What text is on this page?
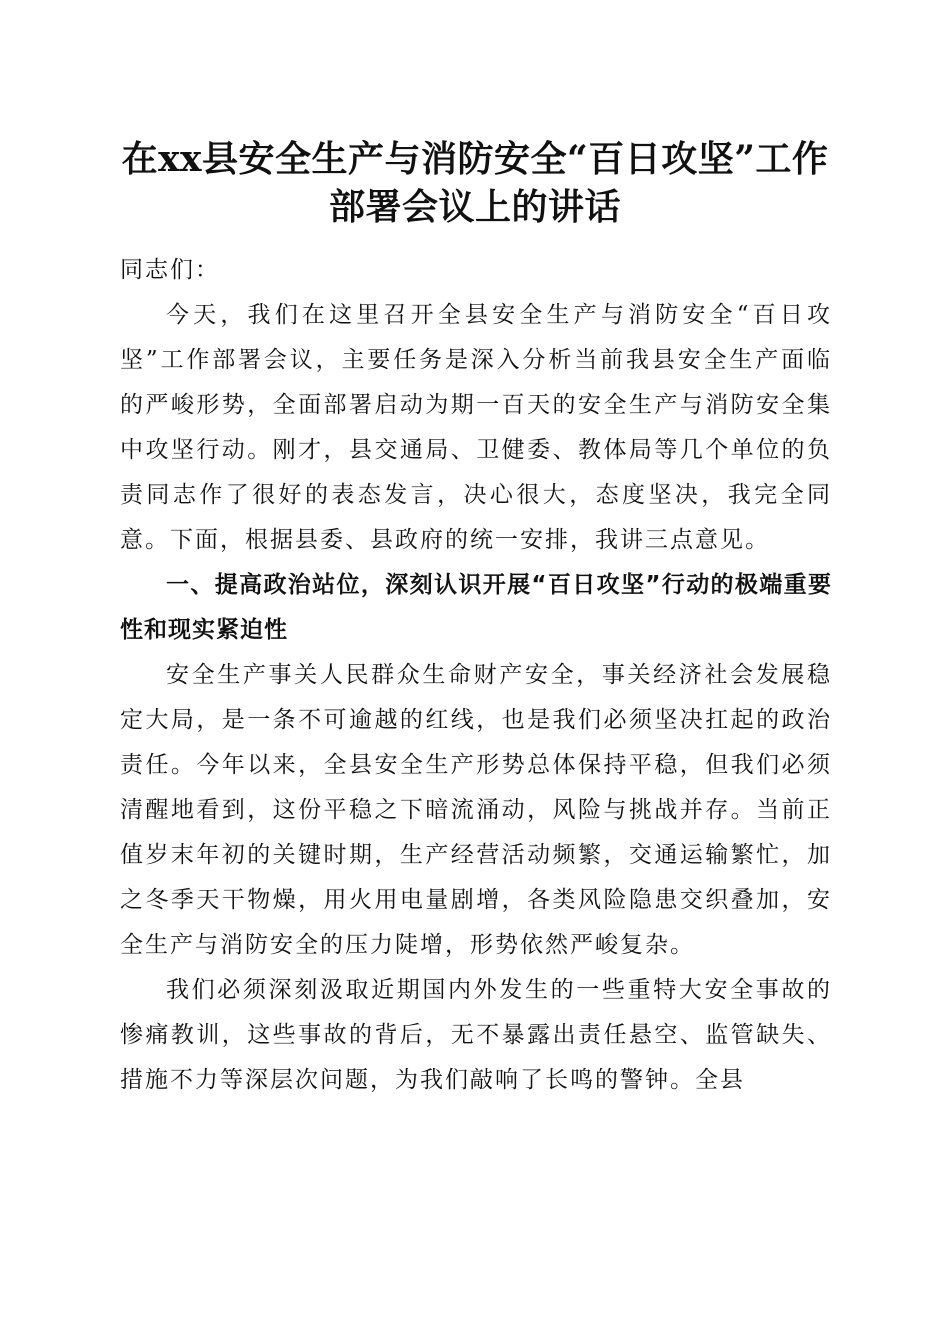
在xx县安全生产与消防安全“百日攻坚”工作部署会议上的讲话

同志们：

今天，我们在这里召开全县安全生产与消防安全“百日攻坚”工作部署会议，主要任务是深入分析当前我县安全生产面临的严峻形势，全面部署启动为期一百天的安全生产与消防安全集中攻坚行动。刚才，县交通局、卫健委、教体局等几个单位的负责同志作了很好的表态发言，决心很大，态度坚决，我完全同意。下面，根据县委、县政府的统一安排，我讲三点意见。

一、提高政治站位，深刻认识开展“百日攻坚”行动的极端重要性和现实紧迫性

安全生产事关人民群众生命财产安全，事关经济社会发展稳定大局，是一条不可逾越的红线，也是我们必须坚决扛起的政治责任。今年以来，全县安全生产形势总体保持平稳，但我们必须清醒地看到，这份平稳之下暗流涌动，风险与挑战并存。当前正值岁末年初的关键时期，生产经营活动频繁，交通运输繁忙，加之冬季天干物燥，用火用电量剧增，各类风险隐患交织叠加，安全生产与消防安全的压力陡增，形势依然严峻复杂。

我们必须深刻汲取近期国内外发生的一些重特大安全事故的惨痛教训，这些事故的背后，无不暴露出责任悬空、监管缺失、措施不力等深层次问题，为我们敲响了长鸣的警钟。全县
